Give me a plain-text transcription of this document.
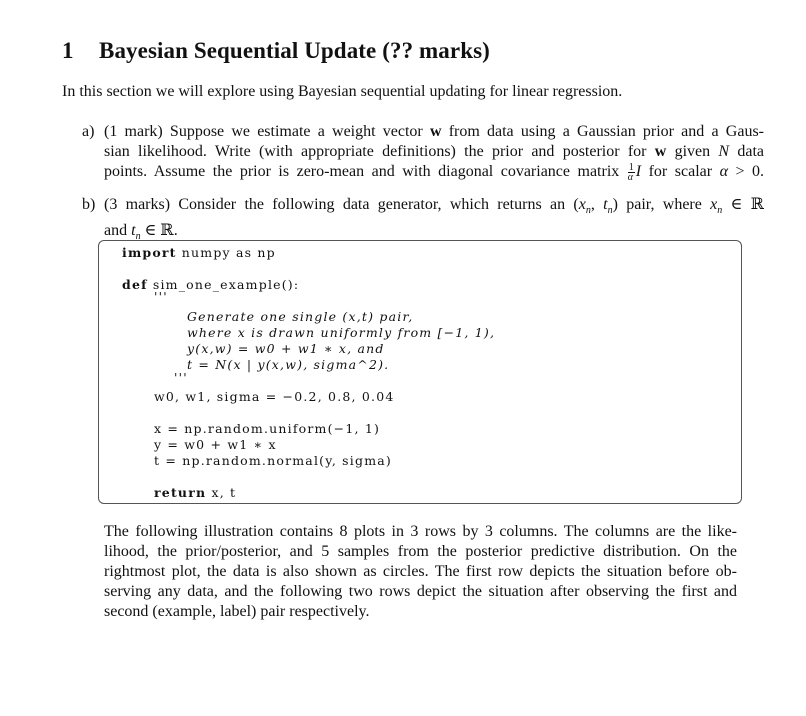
1 Bayesian Sequential Update (?? marks)
In this section we will explore using Bayesian sequential updating for linear regression.
a) (1 mark) Suppose we estimate a weight vector w from data using a Gaussian prior and a Gaus-
sian likelihood. Write (with appropriate definitions) the prior and posterior for w given N data
points. Assume the prior is zero-mean and with diagonal covariance matrix $\frac{1}{\alpha}$ I for scalar α > 0.
b) (3 marks) Consider the following data generator, which returns an ($x_n$, $t_n$) pair, where $x_n$ ∈ ℝ
and $t_n$ ∈ ℝ.
import numpy as np
def sim_one_example():
'''
Generate one single (x,t) pair,
where x is drawn uniformly from [−1, 1),
y(x,w) = w0 + w1 ∗ x, and
t = N(x | y(x,w), sigma^2).
'''
w0, w1, sigma = −0.2, 0.8, 0.04
x = np.random.uniform(−1, 1)
y = w0 + w1 ∗ x
t = np.random.normal(y, sigma)
return x, t
The following illustration contains 8 plots in 3 rows by 3 columns. The columns are the like-
lihood, the prior/posterior, and 5 samples from the posterior predictive distribution. On the
rightmost plot, the data is also shown as circles. The first row depicts the situation before ob-
serving any data, and the following two rows depict the situation after observing the first and
second (example, label) pair respectively.
